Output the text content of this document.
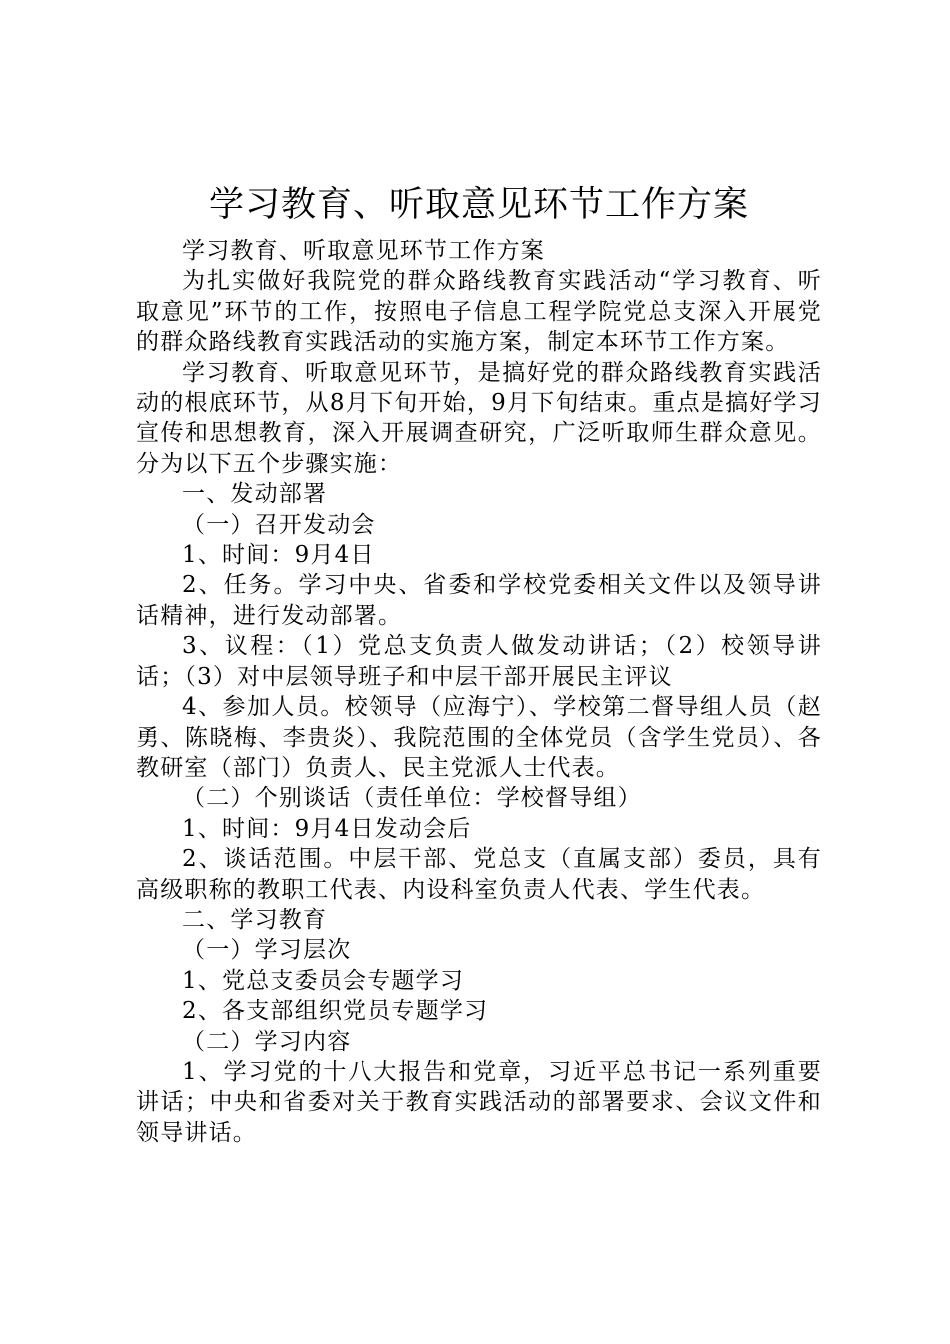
学习教育、听取意见环节工作方案

学习教育、听取意见环节工作方案

为扎实做好我院党的群众路线教育实践活动“学习教育、听取意见”环节的工作，按照电子信息工程学院党总支深入开展党的群众路线教育实践活动的实施方案，制定本环节工作方案。

学习教育、听取意见环节，是搞好党的群众路线教育实践活动的根底环节，从8月下旬开始，9月下旬结束。重点是搞好学习宣传和思想教育，深入开展调查研究，广泛听取师生群众意见。分为以下五个步骤实施：

一、发动部署

（一）召开发动会

1、时间：9月4日

2、任务。学习中央、省委和学校党委相关文件以及领导讲话精神，进行发动部署。

3、议程：（1）党总支负责人做发动讲话；（2）校领导讲话；（3）对中层领导班子和中层干部开展民主评议

4、参加人员。校领导（应海宁）、学校第二督导组人员（赵勇、陈晓梅、李贵炎）、我院范围的全体党员（含学生党员）、各教研室（部门）负责人、民主党派人士代表。

（二）个别谈话（责任单位：学校督导组）

1、时间：9月4日发动会后

2、谈话范围。中层干部、党总支（直属支部）委员，具有高级职称的教职工代表、内设科室负责人代表、学生代表。

二、学习教育

（一）学习层次

1、党总支委员会专题学习

2、各支部组织党员专题学习

（二）学习内容

1、学习党的十八大报告和党章，习近平总书记一系列重要讲话；中央和省委对关于教育实践活动的部署要求、会议文件和领导讲话。
